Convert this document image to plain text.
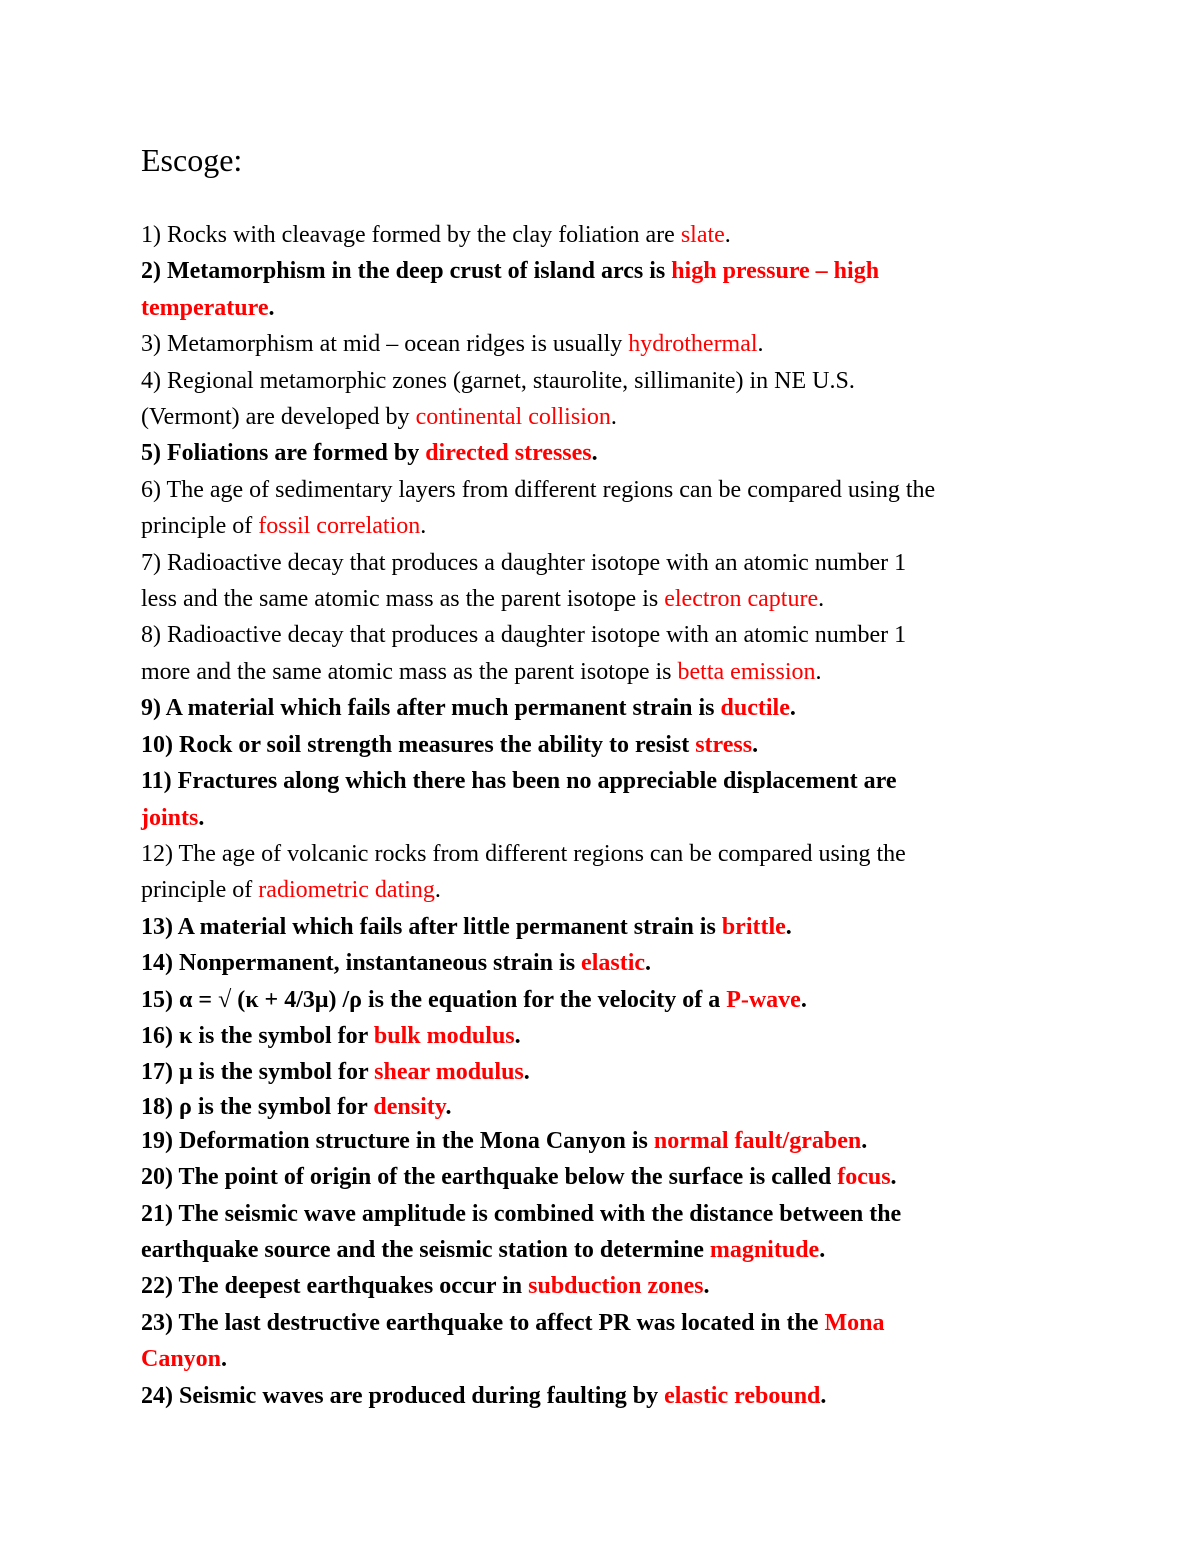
Escoge:

1) Rocks with cleavage formed by the clay foliation are slate.

2) Metamorphism in the deep crust of island arcs is high pressure – high
temperature.

3) Metamorphism at mid – ocean ridges is usually hydrothermal.

4) Regional metamorphic zones (garnet, staurolite, sillimanite) in NE U.S.
(Vermont) are developed by continental collision.

5) Foliations are formed by directed stresses.

6) The age of sedimentary layers from different regions can be compared using the
principle of fossil correlation.

7) Radioactive decay that produces a daughter isotope with an atomic number 1
less and the same atomic mass as the parent isotope is electron capture.

8) Radioactive decay that produces a daughter isotope with an atomic number 1
more and the same atomic mass as the parent isotope is betta emission.

9) A material which fails after much permanent strain is ductile.

10) Rock or soil strength measures the ability to resist stress.

11) Fractures along which there has been no appreciable displacement are
joints.

12) The age of volcanic rocks from different regions can be compared using the
principle of radiometric dating.

13) A material which fails after little permanent strain is brittle.

14) Nonpermanent, instantaneous strain is elastic.

15) α = √ (κ + 4/3μ) /ρ is the equation for the velocity of a P-wave.

16) κ is the symbol for bulk modulus.

17) μ is the symbol for shear modulus.

18) ρ is the symbol for density.

19) Deformation structure in the Mona Canyon is normal fault/graben.

20) The point of origin of the earthquake below the surface is called focus.

21) The seismic wave amplitude is combined with the distance between the
earthquake source and the seismic station to determine magnitude.

22) The deepest earthquakes occur in subduction zones.

23) The last destructive earthquake to affect PR was located in the Mona
Canyon.

24) Seismic waves are produced during faulting by elastic rebound.
